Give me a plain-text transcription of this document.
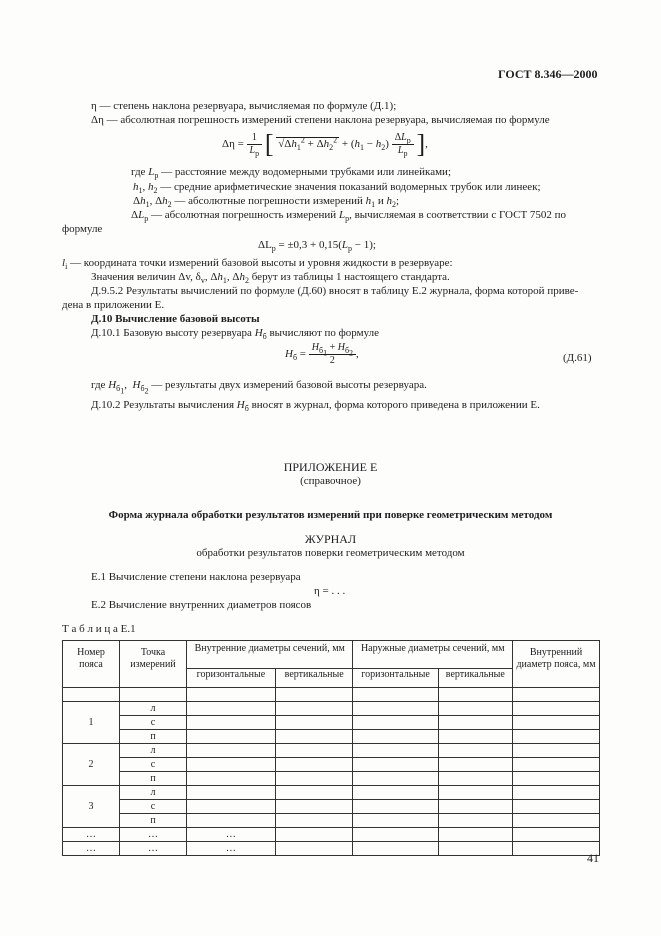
ГОСТ 8.346—2000
η — степень наклона резервуара, вычисляемая по формуле (Д.1);
Δη — абсолютная погрешность измерений степени наклона резервуара, вычисляемая по формуле
$\Delta\eta = \frac{1}{L_p}$ [ $√\Delta h_1^2 + \Delta h_2^2 + (h_1 - h_2) \frac{\Delta L_p}{L_p}$ ],
где $L_p$ — расстояние между водомерными трубками или линейками;
$h_1$, $h_2$ — средние арифметические значения показаний водомерных трубок или линеек;
$\Delta h_1$, $\Delta h_2$ — абсолютные погрешности измерений $h_1$ и $h_2$;
$\Delta L_p$ — абсолютная погрешность измерений $L_p$, вычисляемая в соответствии с ГОСТ 7502 по
формуле
$\Delta L_p = \pm 0,3 + 0,15(L_p - 1)$;
$l_i$ — координата точки измерений базовой высоты и уровня жидкости в резервуаре:
Значения величин Δv, $\delta_v$, $\Delta h_1$, $\Delta h_2$ берут из таблицы 1 настоящего стандарта.
Д.9.5.2 Результаты вычислений по формуле (Д.60) вносят в таблицу Е.2 журнала, форма которой приве-
дена в приложении Е.
Д.10 Вычисление базовой высоты
Д.10.1 Базовую высоту резервуара $H_б$ вычисляют по формуле
$H_б = \frac{H_{б_1} + H_{б_2}}{2}$ ,	(Д.61)
где $H_{б_1}$,  $H_{б_2}$ — результаты двух измерений базовой высоты резервуара.
Д.10.2 Результаты вычисления $H_б$ вносят в журнал, форма которого приведена в приложении Е.
ПРИЛОЖЕНИЕ Е
(справочное)
Форма журнала обработки результатов измерений при поверке геометрическим методом
ЖУРНАЛ
обработки результатов поверки геометрическим методом
Е.1 Вычисление степени наклона резервуара
η = . . .
Е.2 Вычисление внутренних диаметров поясов
Т а б л и ц а Е.1
Номер пояса	Точка измерений	Внутренние диаметры сечений, мм		Наружные диаметры сечений, мм		Внутренний диаметр пояса, мм
		горизонтальные	вертикальные	горизонтальные	вертикальные	

1	л					
	с					
	п					
2	л					
	с					
	п					
3	л					
	с					
	п					
…	…	…				
…	…	…				
41
